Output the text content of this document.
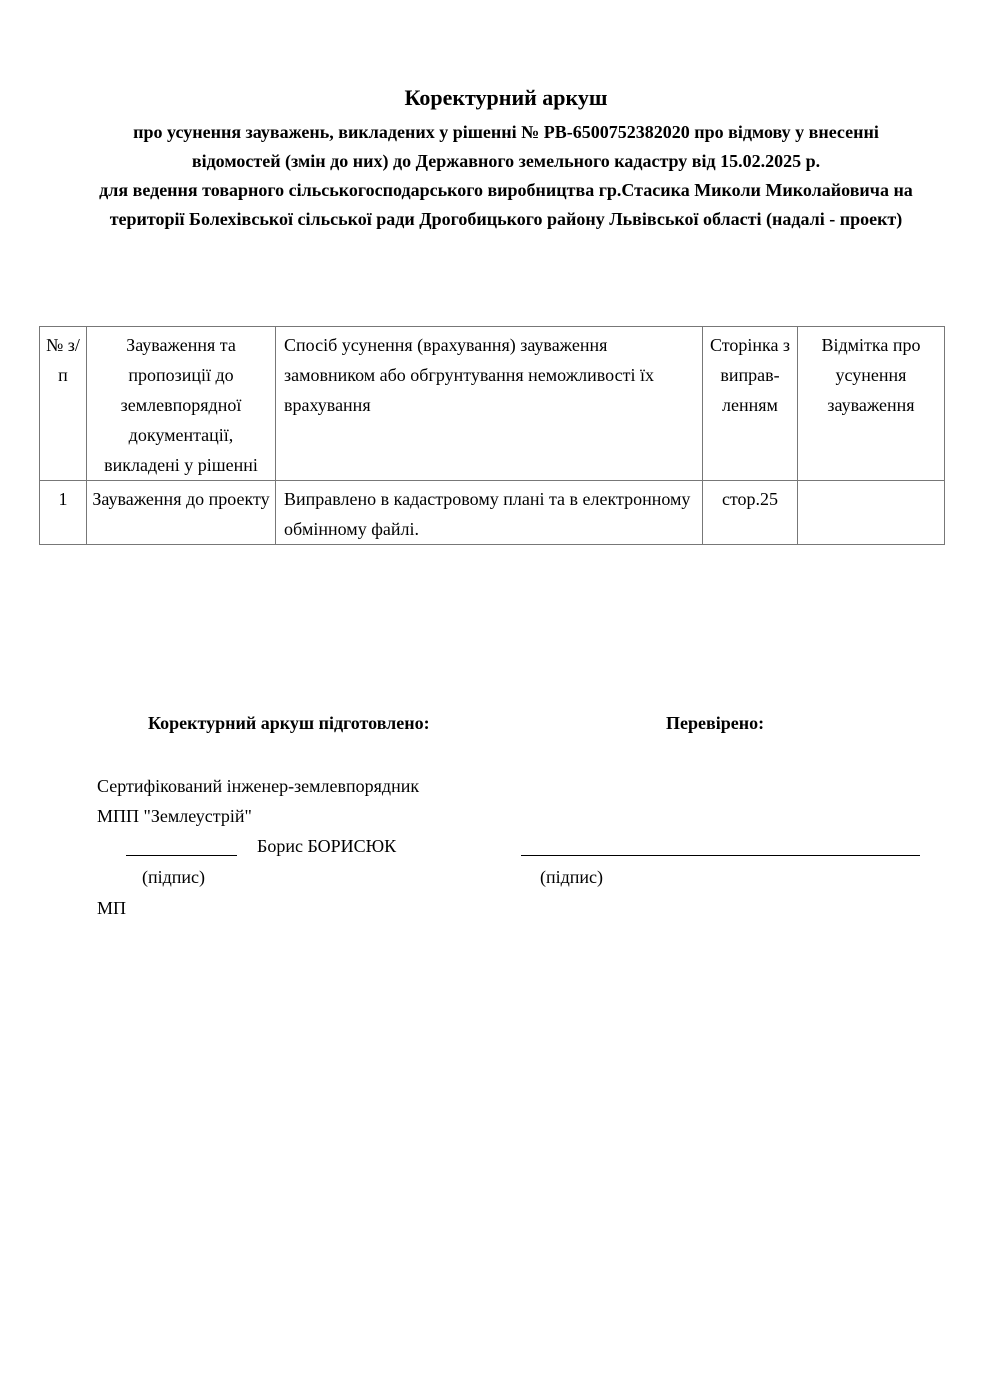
Коректурний аркуш
про усунення зауважень, викладених у рішенні № РВ-6500752382020 про відмову у внесенні
відомостей (змін до них) до Державного земельного кадастру від 15.02.2025 р.
для ведення товарного сільськогосподарського виробництва гр.Стасика Миколи Миколайовича на
території Болехівської сільської ради Дрогобицького району Львівської області (надалі - проект)
№ з/п	Зауваження та пропозиції до землевпорядної документації, викладені у рішенні	Спосіб усунення (врахування) зауваження замовником або обгрунтування неможливості їх врахування	Сторінка з виправ-ленням	Відмітка про усунення зауваження
1	Зауваження до проекту	Виправлено в кадастровому плані та в електронному обмінному файлі.	стор.25	
Коректурний аркуш підготовлено:	Перевірено:
Сертифікований інженер-землевпорядник
МПП "Землеустрій"
Борис БОРИСЮК
(підпис)	(підпис)
МП
